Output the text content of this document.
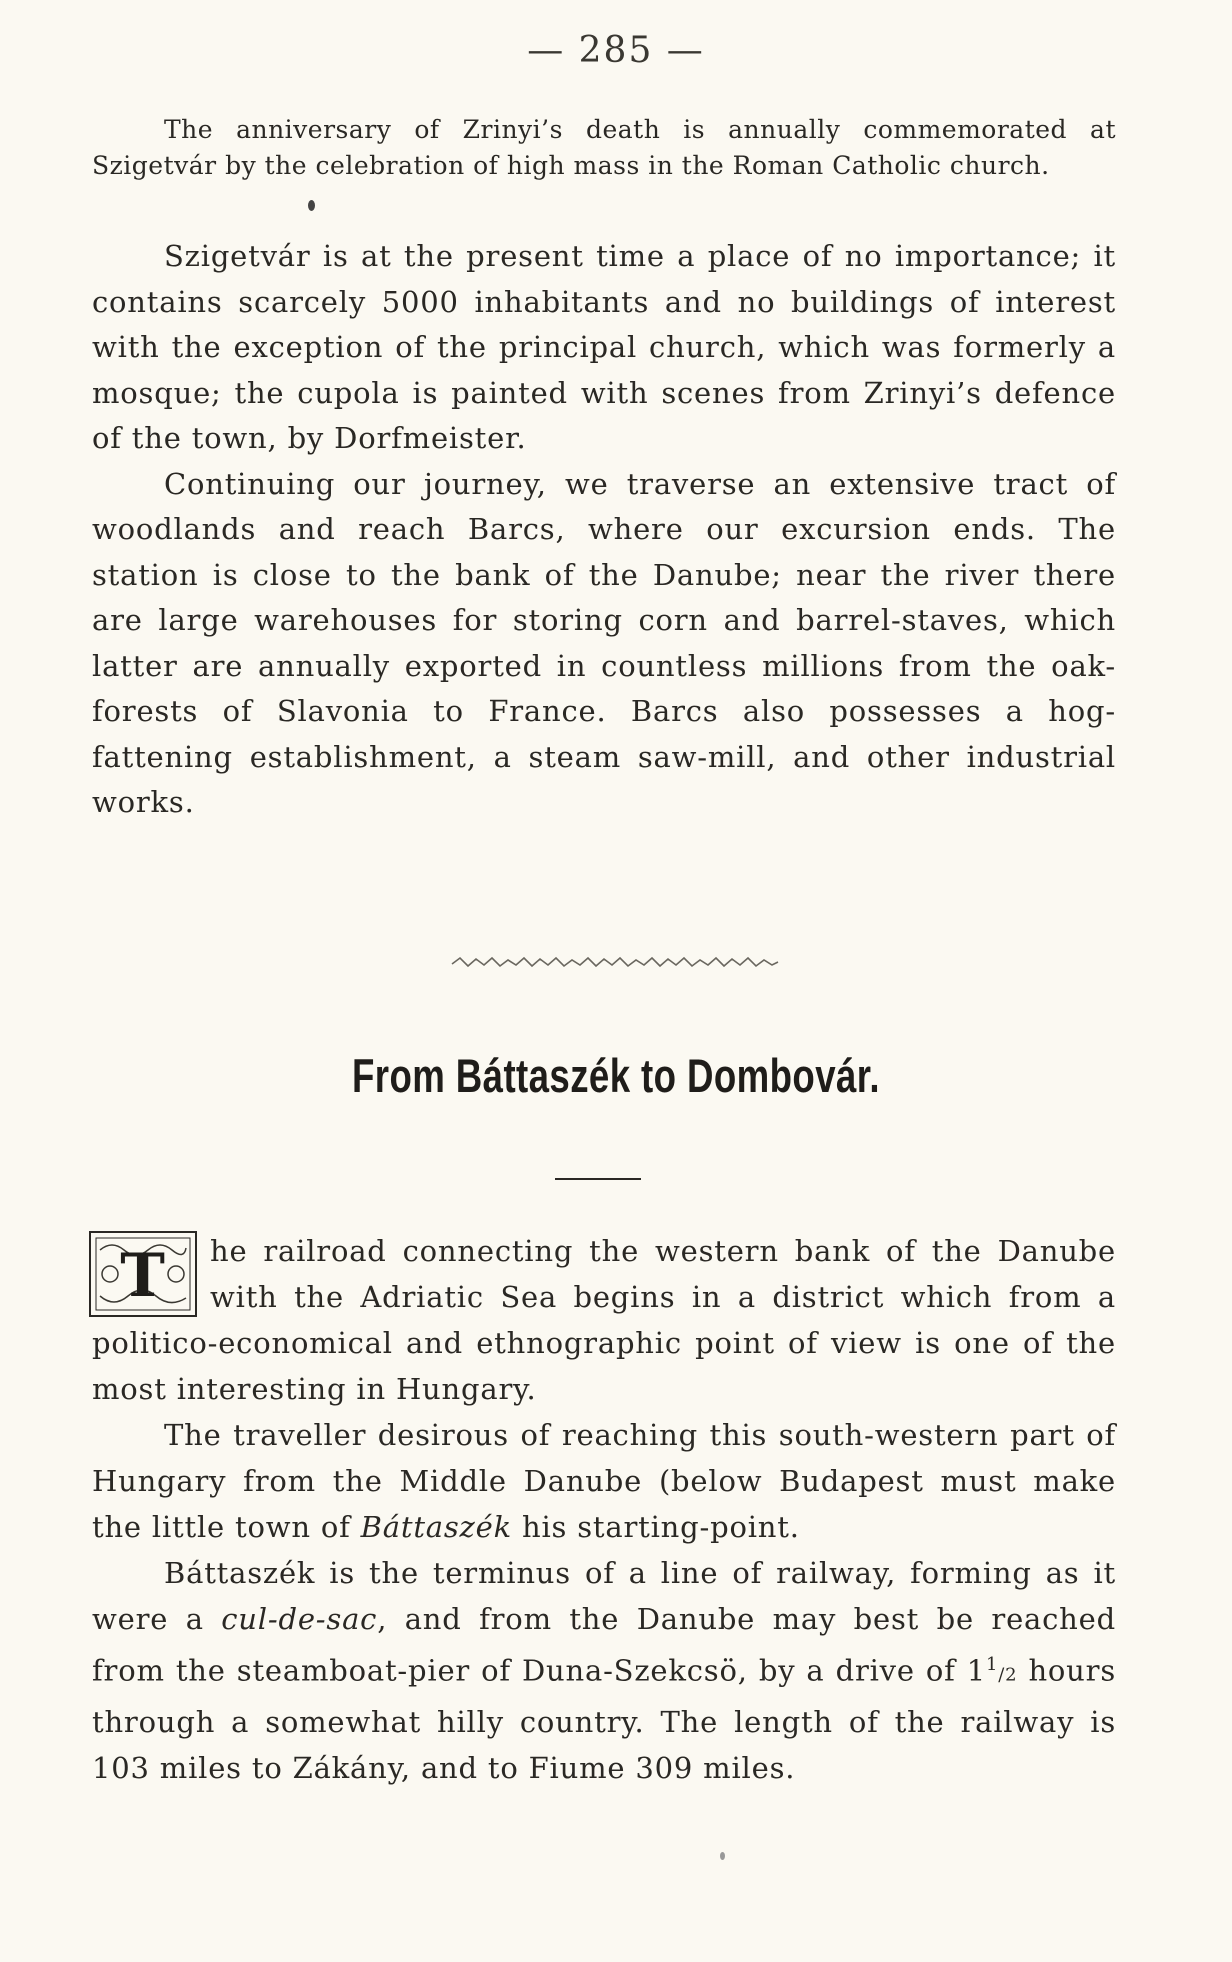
— 285 —

The anniversary of Zrinyi’s death is annually commemorated at Szigetvár by the celebration of high mass in the Roman Catholic church.

Szigetvár is at the present time a place of no importance; it contains scarcely 5000 inhabitants and no buildings of interest with the exception of the principal church, which was formerly a mosque; the cupola is painted with scenes from Zrinyi’s defence of the town, by Dorfmeister.

Continuing our journey, we traverse an extensive tract of woodlands and reach Barcs, where our excursion ends. The station is close to the bank of the Danube; near the river there are large warehouses for storing corn and barrel-staves, which latter are annually exported in countless millions from the oak-forests of Slavonia to France. Barcs also possesses a hog-fattening establishment, a steam saw-mill, and other industrial works.

From Báttaszék to Dombovár.

T he railroad connecting the western bank of the Danube with the Adriatic Sea begins in a district which from a politico-economical and ethnographic point of view is one of the most interesting in Hungary.

The traveller desirous of reaching this south-western part of Hungary from the Middle Danube (below Budapest must make the little town of Báttaszék his starting-point.

Báttaszék is the terminus of a line of railway, forming as it were a cul-de-sac, and from the Danube may best be reached from the steamboat-pier of Duna-Szekcsö, by a drive of $1^1/2$ hours through a somewhat hilly country. The length of the railway is 103 miles to Zákány, and to Fiume 309 miles.
